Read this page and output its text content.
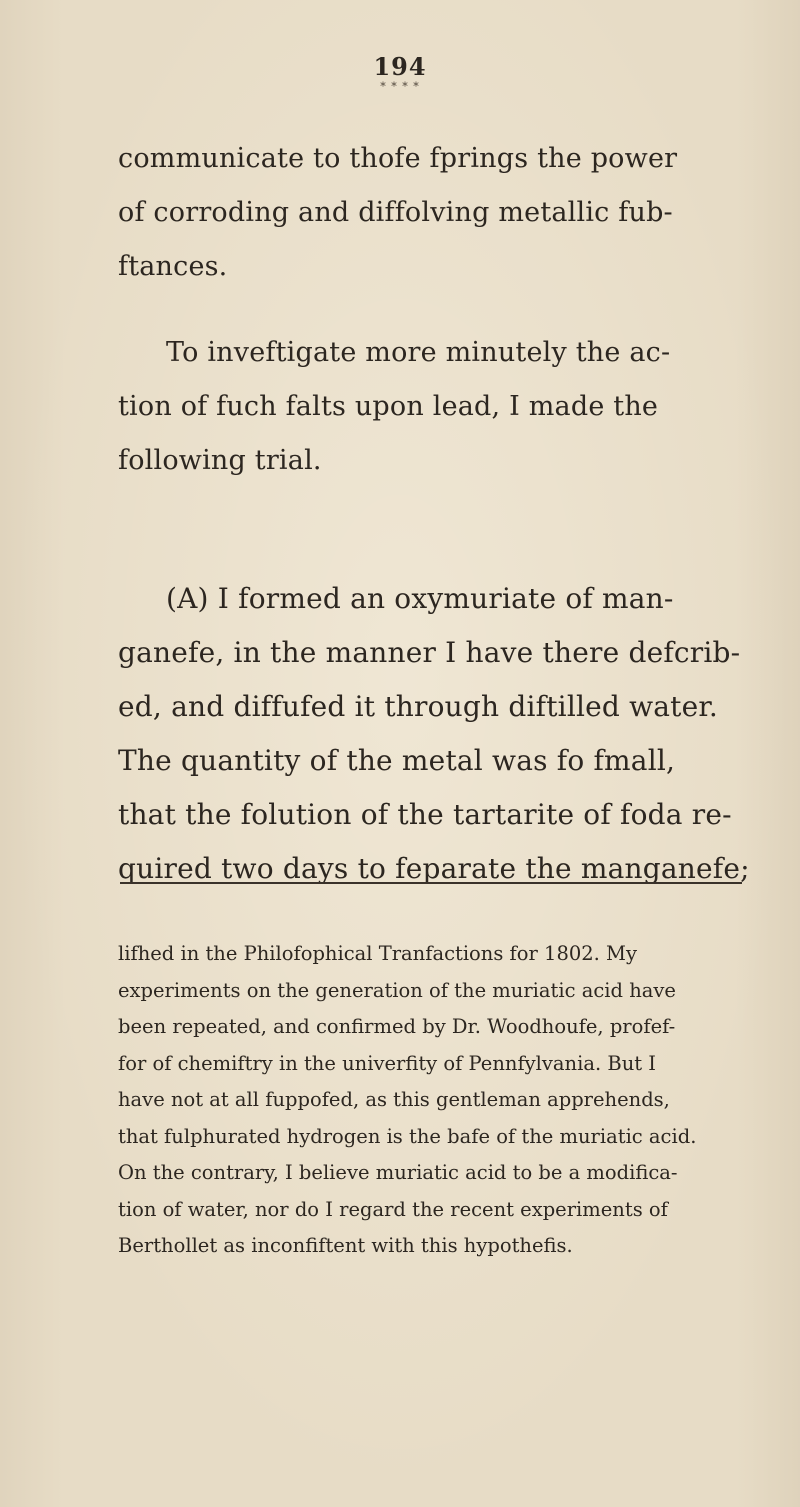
194
* * * *

communicate to thofe fprings the power
of corroding and diffolving metallic fub-
ftances.

To inveftigate more minutely the ac-
tion of fuch falts upon lead, I made the
following trial.

(A) I formed an oxymuriate of man-
ganefe, in the manner I have there defcrib-
ed, and diffufed it through diftilled water.
The quantity of the metal was fo fmall,
that the folution of the tartarite of foda re-
quired two days to feparate the manganefe;

lifhed in the Philofophical Tranfactions for 1802. My
experiments on the generation of the muriatic acid have
been repeated, and confirmed by Dr. Woodhoufe, profef-
for of chemiftry in the univerfity of Pennfylvania. But I
have not at all fuppofed, as this gentleman apprehends,
that fulphurated hydrogen is the bafe of the muriatic acid.
On the contrary, I believe muriatic acid to be a modifica-
tion of water, nor do I regard the recent experiments of
Berthollet as inconfiftent with this hypothefis.
